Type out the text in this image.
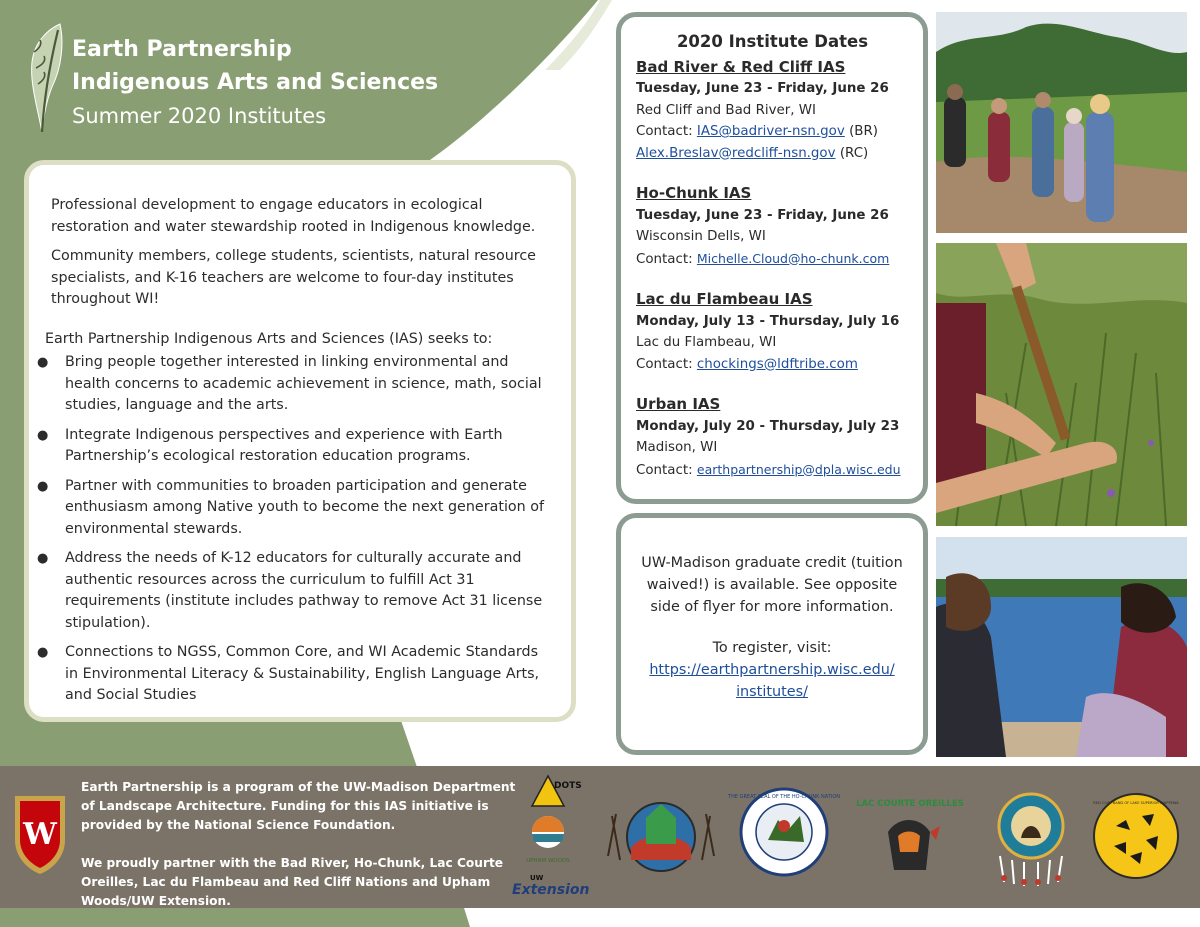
Earth Partnership
Indigenous Arts and Sciences
Summer 2020 Institutes

Professional development to engage educators in ecological restoration and water stewardship rooted in Indigenous knowledge.

Community members, college students, scientists, natural resource specialists, and K-16 teachers are welcome to four-day institutes throughout WI!

Earth Partnership Indigenous Arts and Sciences (IAS) seeks to:

● Bring people together interested in linking environmental and health concerns to academic achievement in science, math, social studies, language and the arts.
● Integrate Indigenous perspectives and experience with Earth Partnership’s ecological restoration education programs.
● Partner with communities to broaden participation and generate enthusiasm among Native youth to become the next generation of environmental stewards.
● Address the needs of K-12 educators for culturally accurate and authentic resources across the curriculum to fulfill Act 31 requirements (institute includes pathway to remove Act 31 license stipulation).
● Connections to NGSS, Common Core, and WI Academic Standards in Environmental Literacy & Sustainability, English Language Arts, and Social Studies
2020 Institute Dates
Bad River & Red Cliff IAS
Tuesday, June 23 - Friday, June 26
Red Cliff and Bad River, WI
Contact: IAS@badriver-nsn.gov (BR)
Alex.Breslav@redcliff-nsn.gov (RC)
Ho-Chunk IAS
Tuesday, June 23 - Friday, June 26
Wisconsin Dells, WI
Contact: Michelle.Cloud@ho-chunk.com
Lac du Flambeau IAS
Monday, July 13 - Thursday, July 16
Lac du Flambeau, WI
Contact: chockings@ldftribe.com
Urban IAS
Monday, July 20 - Thursday, July 23
Madison, WI
Contact: earthpartnership@dpla.wisc.edu
UW-Madison graduate credit (tuition waived!) is available. See opposite side of flyer for more information.
To register, visit:
https://earthpartnership.wisc.edu/
institutes/
W
Earth Partnership is a program of the UW-Madison Department of Landscape Architecture. Funding for this IAS initiative is provided by the National Science Foundation.
We proudly partner with the Bad River, Ho-Chunk, Lac Courte Oreilles, Lac du Flambeau and Red Cliff Nations and Upham Woods/UW Extension.
DOTS
UPHAM WOODS
UW
Extension
THE GREAT SEAL OF THE HO-CHUNK NATION
LAC COURTE OREILLES	RED CLIFF BAND OF LAKE SUPERIOR CHIPPEWA
